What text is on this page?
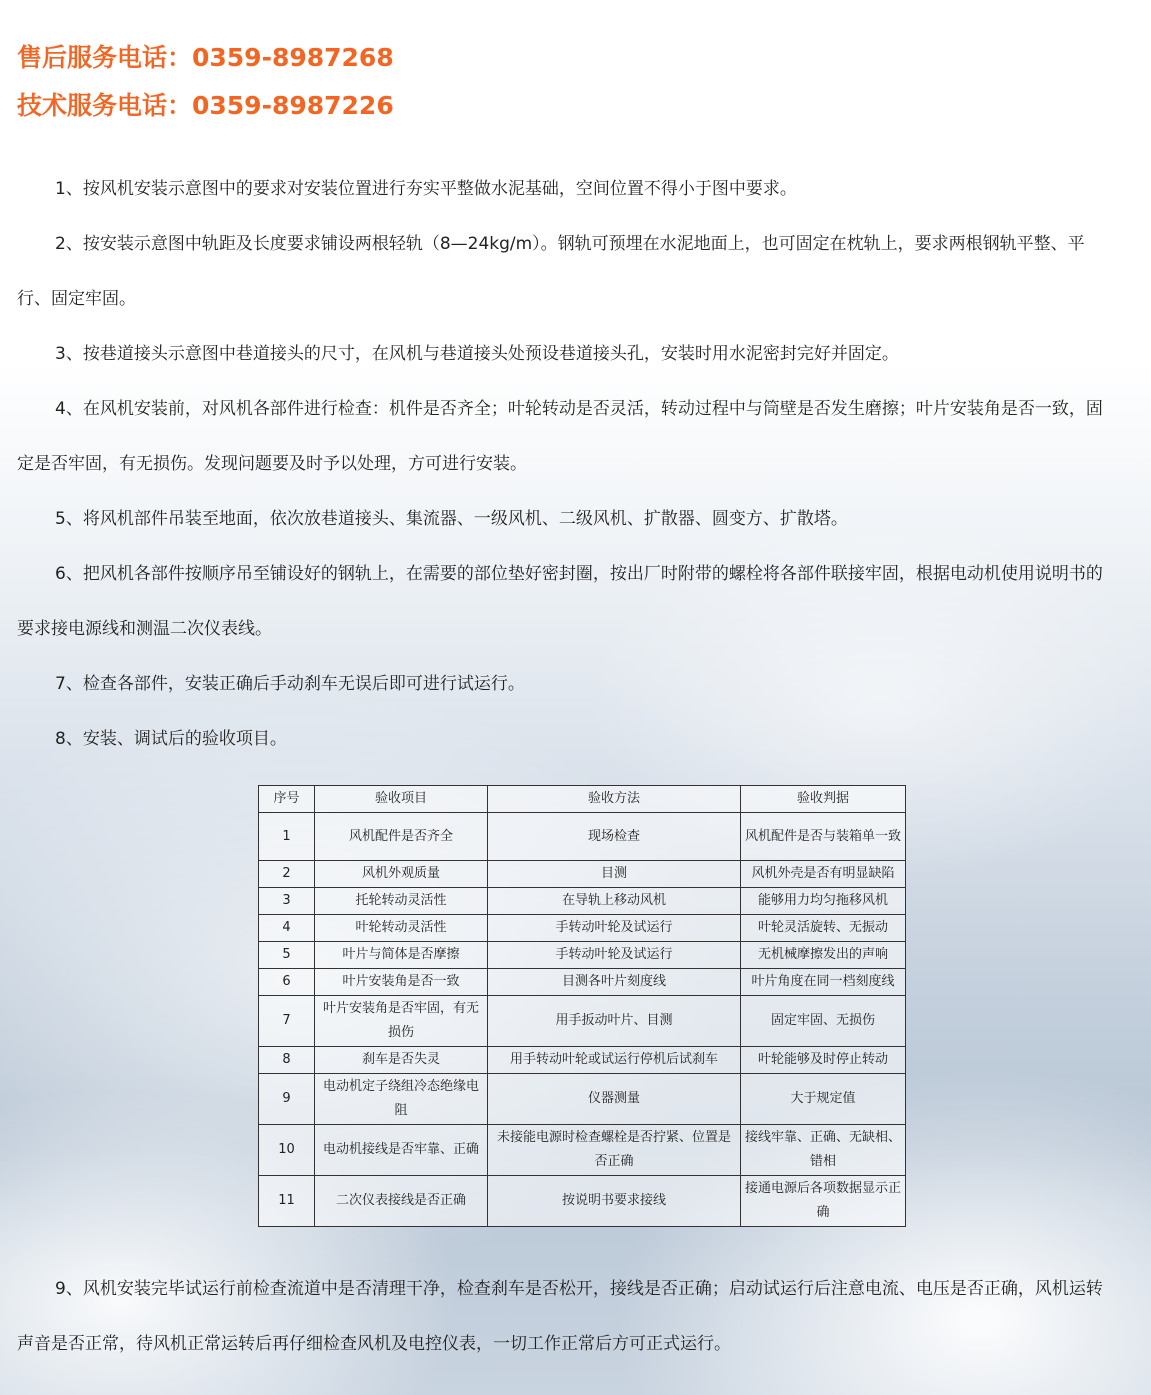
售后服务电话：0359-8987268
技术服务电话：0359-8987226

1、按风机安装示意图中的要求对安装位置进行夯实平整做水泥基础，空间位置不得小于图中要求。

2、按安装示意图中轨距及长度要求铺设两根轻轨（8—24kg/m）。钢轨可预埋在水泥地面上，也可固定在枕轨上，要求两根钢轨平整、平行、固定牢固。

3、按巷道接头示意图中巷道接头的尺寸，在风机与巷道接头处预设巷道接头孔，安装时用水泥密封完好并固定。

4、在风机安装前，对风机各部件进行检查：机件是否齐全；叶轮转动是否灵活，转动过程中与筒壁是否发生磨擦；叶片安装角是否一致，固定是否牢固，有无损伤。发现问题要及时予以处理，方可进行安装。

5、将风机部件吊装至地面，依次放巷道接头、集流器、一级风机、二级风机、扩散器、圆变方、扩散塔。

6、把风机各部件按顺序吊至铺设好的钢轨上，在需要的部位垫好密封圈，按出厂时附带的螺栓将各部件联接牢固，根据电动机使用说明书的要求接电源线和测温二次仪表线。

7、检查各部件，安装正确后手动刹车无误后即可进行试运行。

8、安装、调试后的验收项目。

序号	验收项目	验收方法	验收判据
1	风机配件是否齐全	现场检查	风机配件是否与装箱单一致
2	风机外观质量	目测	风机外壳是否有明显缺陷
3	托轮转动灵活性	在导轨上移动风机	能够用力均匀拖移风机
4	叶轮转动灵活性	手转动叶轮及试运行	叶轮灵活旋转、无振动
5	叶片与简体是否摩擦	手转动叶轮及试运行	无机械摩擦发出的声响
6	叶片安装角是否一致	目测各叶片刻度线	叶片角度在同一档刻度线
7	叶片安装角是否牢固，有无损伤	用手扳动叶片、目测	固定牢固、无损伤
8	刹车是否失灵	用手转动叶轮或试运行停机后试刹车	叶轮能够及时停止转动
9	电动机定子绕组冷态绝缘电阻	仪器测量	大于规定值
10	电动机接线是否牢靠、正确	未接能电源时检查螺栓是否拧紧、位置是否正确	接线牢靠、正确、无缺相、错相
11	二次仪表接线是否正确	按说明书要求接线	接通电源后各项数据显示正确

9、风机安装完毕试运行前检查流道中是否清理干净，检查刹车是否松开，接线是否正确；启动试运行后注意电流、电压是否正确，风机运转声音是否正常，待风机正常运转后再仔细检查风机及电控仪表，一切工作正常后方可正式运行。
